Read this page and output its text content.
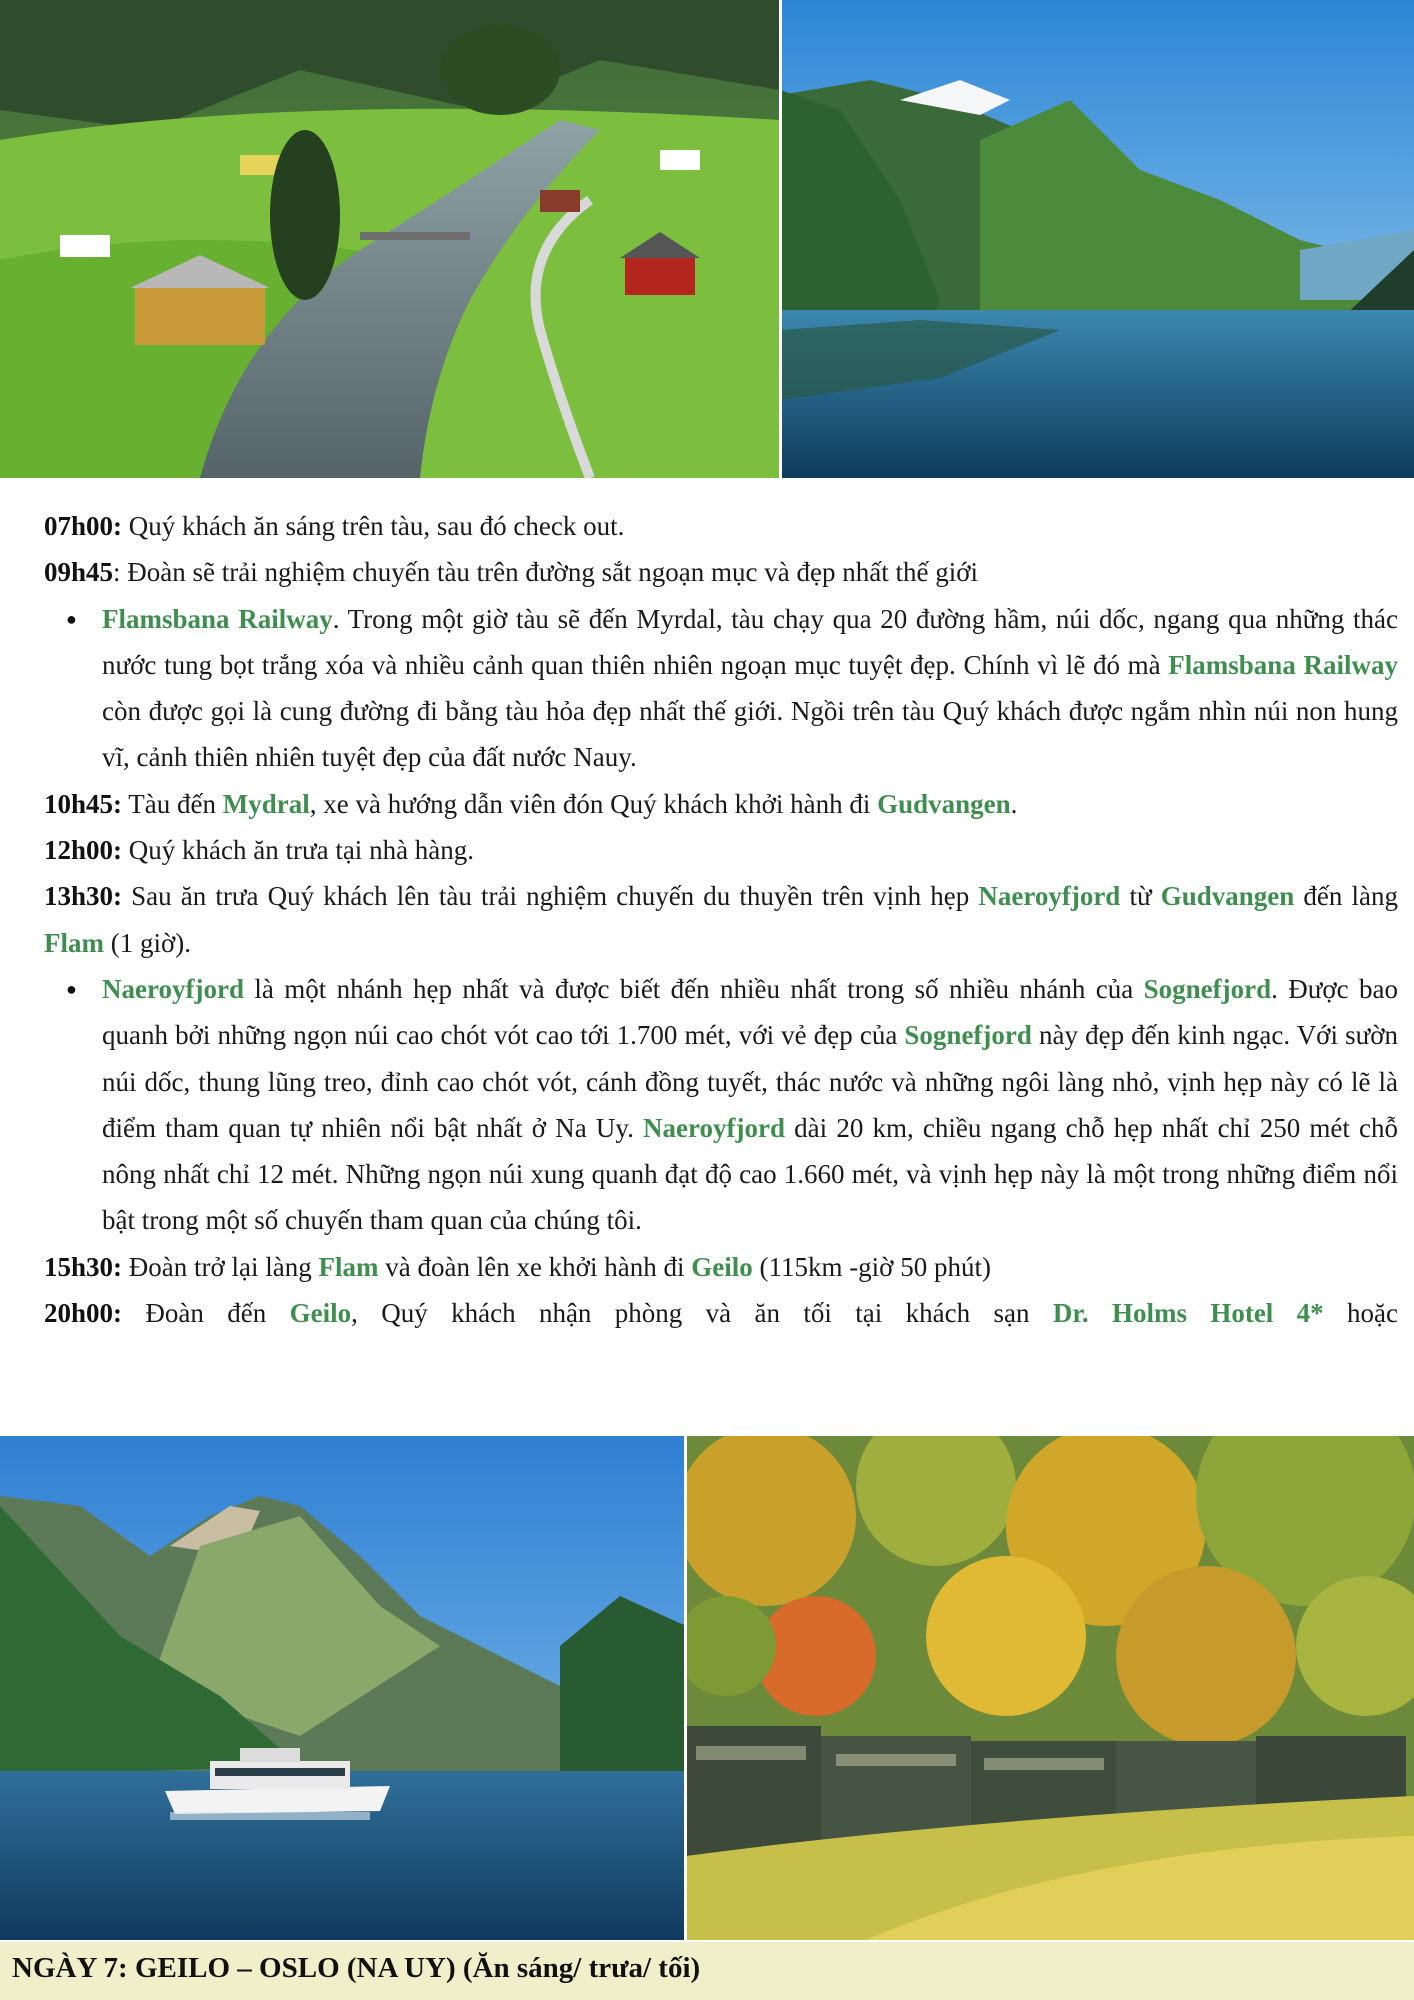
07h00: Quý khách ăn sáng trên tàu, sau đó check out.

09h45: Đoàn sẽ trải nghiệm chuyến tàu trên đường sắt ngoạn mục và đẹp nhất thế giới

● Flamsbana Railway. Trong một giờ tàu sẽ đến Myrdal, tàu chạy qua 20 đường hầm, núi dốc, ngang qua những thác nước tung bọt trắng xóa và nhiều cảnh quan thiên nhiên ngoạn mục tuyệt đẹp. Chính vì lẽ đó mà Flamsbana Railway còn được gọi là cung đường đi bằng tàu hỏa đẹp nhất thế giới. Ngồi trên tàu Quý khách được ngắm nhìn núi non hung vĩ, cảnh thiên nhiên tuyệt đẹp của đất nước Nauy.

10h45: Tàu đến Mydral, xe và hướng dẫn viên đón Quý khách khởi hành đi Gudvangen.

12h00: Quý khách ăn trưa tại nhà hàng.

13h30: Sau ăn trưa Quý khách lên tàu trải nghiệm chuyến du thuyền trên vịnh hẹp Naeroyfjord từ Gudvangen đến làng Flam (1 giờ).

● Naeroyfjord là một nhánh hẹp nhất và được biết đến nhiều nhất trong số nhiều nhánh của Sognefjord. Được bao quanh bởi những ngọn núi cao chót vót cao tới 1.700 mét, với vẻ đẹp của Sognefjord này đẹp đến kinh ngạc. Với sườn núi dốc, thung lũng treo, đỉnh cao chót vót, cánh đồng tuyết, thác nước và những ngôi làng nhỏ, vịnh hẹp này có lẽ là điểm tham quan tự nhiên nổi bật nhất ở Na Uy. Naeroyfjord dài 20 km, chiều ngang chỗ hẹp nhất chỉ 250 mét chỗ nông nhất chỉ 12 mét. Những ngọn núi xung quanh đạt độ cao 1.660 mét, và vịnh hẹp này là một trong những điểm nổi bật trong một số chuyến tham quan của chúng tôi.

15h30: Đoàn trở lại làng Flam và đoàn lên xe khởi hành đi Geilo (115km -giờ 50 phút)

20h00: Đoàn đến Geilo, Quý khách nhận phòng và ăn tối tại khách sạn Dr. Holms Hotel 4* hoặc

NGÀY 7: GEILO – OSLO (NA UY) (Ăn sáng/ trưa/ tối)
